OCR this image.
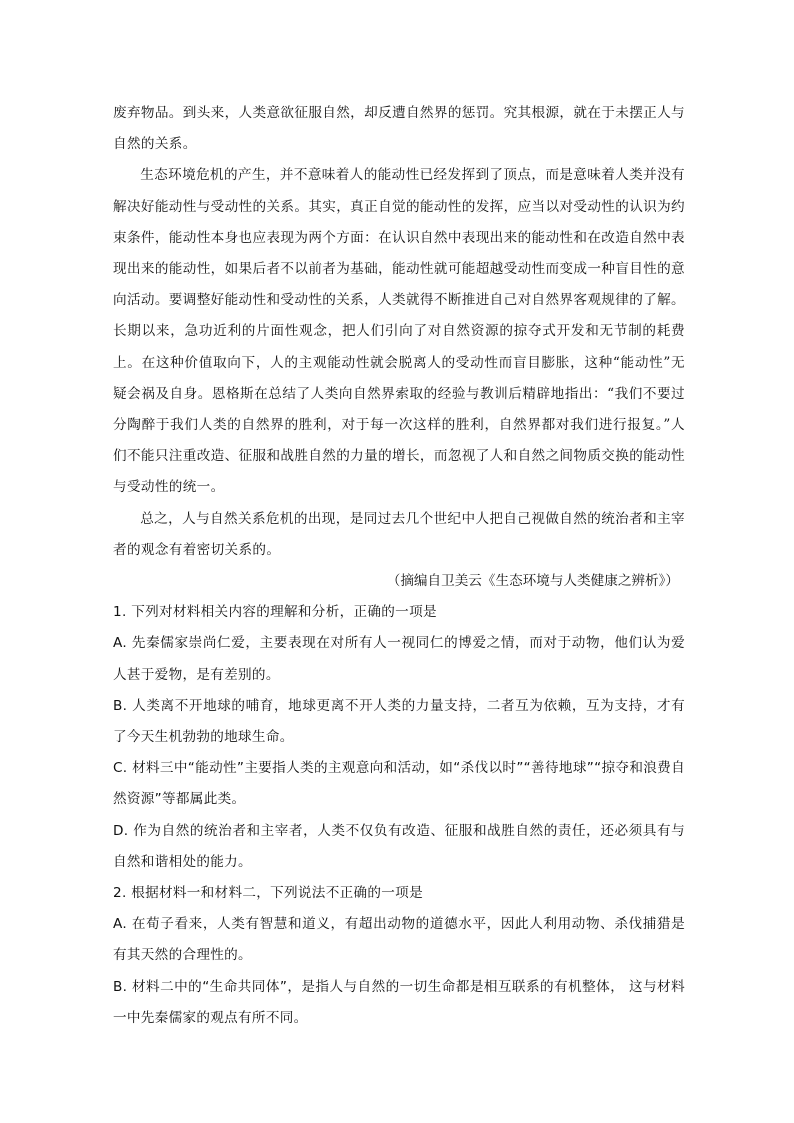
废弃物品。到头来，人类意欲征服自然，却反遭自然界的惩罚。究其根源，就在于未摆正人与自然的关系。

生态环境危机的产生，并不意味着人的能动性已经发挥到了顶点，而是意味着人类并没有解决好能动性与受动性的关系。其实，真正自觉的能动性的发挥，应当以对受动性的认识为约束条件，能动性本身也应表现为两个方面：在认识自然中表现出来的能动性和在改造自然中表现出来的能动性，如果后者不以前者为基础，能动性就可能超越受动性而变成一种盲目性的意向活动。要调整好能动性和受动性的关系，人类就得不断推进自己对自然界客观规律的了解。长期以来，急功近利的片面性观念，把人们引向了对自然资源的掠夺式开发和无节制的耗费上。在这种价值取向下，人的主观能动性就会脱离人的受动性而盲目膨胀，这种“能动性”无疑会祸及自身。恩格斯在总结了人类向自然界索取的经验与教训后精辟地指出：“我们不要过分陶醉于我们人类的自然界的胜利，对于每一次这样的胜利，自然界都对我们进行报复。”人们不能只注重改造、征服和战胜自然的力量的增长，而忽视了人和自然之间物质交换的能动性与受动性的统一。

总之，人与自然关系危机的出现，是同过去几个世纪中人把自己视做自然的统治者和主宰者的观念有着密切关系的。

（摘编自卫美云《生态环境与人类健康之辨析》）

1. 下列对材料相关内容的理解和分析，正确的一项是

A. 先秦儒家崇尚仁爱，主要表现在对所有人一视同仁的博爱之情，而对于动物，他们认为爱人甚于爱物，是有差别的。

B. 人类离不开地球的哺育，地球更离不开人类的力量支持，二者互为依赖，互为支持，才有了今天生机勃勃的地球生命。

C. 材料三中“能动性”主要指人类的主观意向和活动，如“杀伐以时”“善待地球”“掠夺和浪费自然资源”等都属此类。

D. 作为自然的统治者和主宰者，人类不仅负有改造、征服和战胜自然的责任，还必须具有与自然和谐相处的能力。

2. 根据材料一和材料二，下列说法不正确的一项是

A. 在荀子看来，人类有智慧和道义，有超出动物的道德水平，因此人利用动物、杀伐捕猎是有其天然的合理性的。

B. 材料二中的“生命共同体”，是指人与自然的一切生命都是相互联系的有机整体， 这与材料一中先秦儒家的观点有所不同。
